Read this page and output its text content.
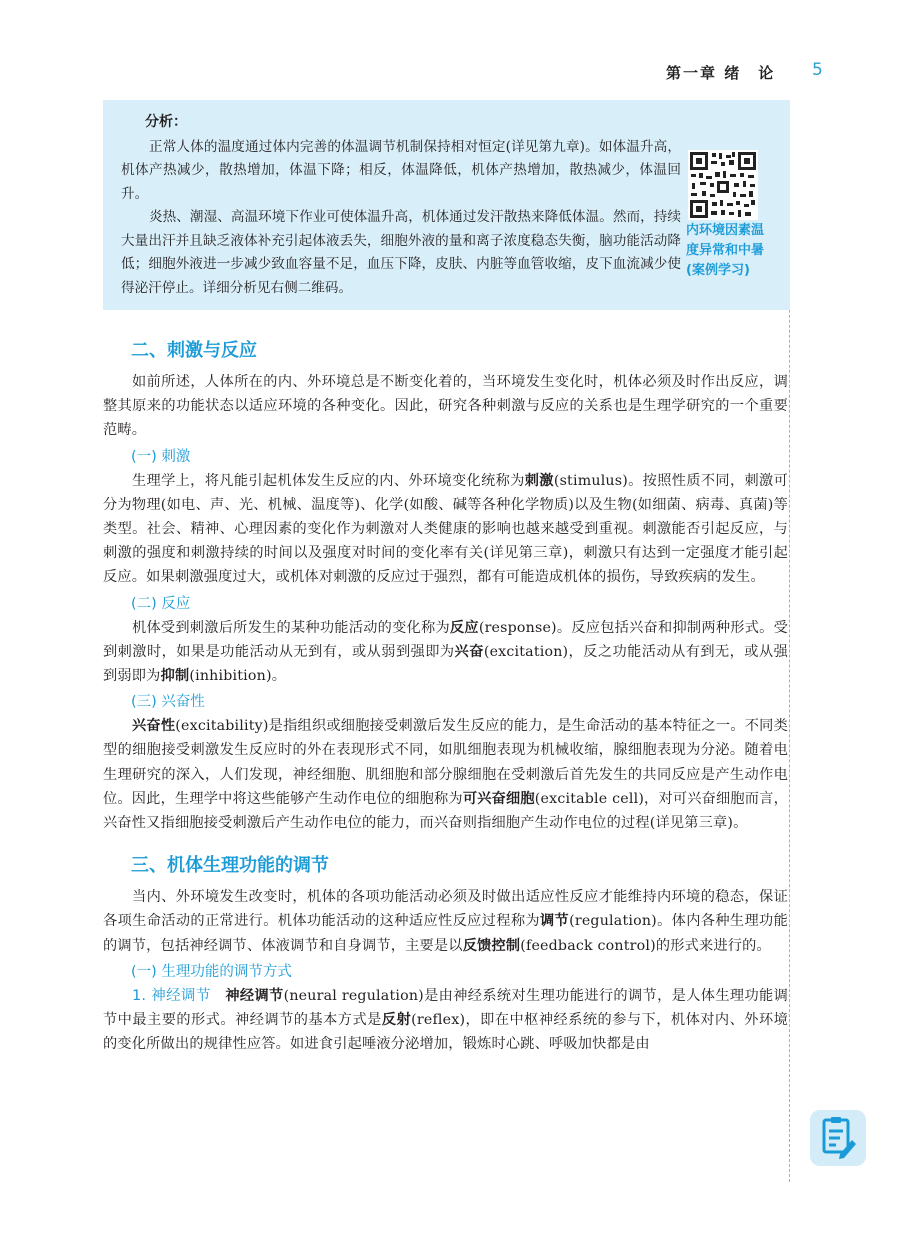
第一章 绪　论 5
分析：

正常人体的温度通过体内完善的体温调节机制保持相对恒定(详见第九章)。如体温升高，机体产热减少，散热增加，体温下降；相反，体温降低，机体产热增加，散热减少，体温回升。

炎热、潮湿、高温环境下作业可使体温升高，机体通过发汗散热来降低体温。然而，持续大量出汗并且缺乏液体补充引起体液丢失，细胞外液的量和离子浓度稳态失衡，脑功能活动降低；细胞外液进一步减少致血容量不足，血压下降，皮肤、内脏等血管收缩，皮下血流减少使得泌汗停止。详细分析见右侧二维码。

内环境因素温度异常和中暑(案例学习)
二、刺激与反应

如前所述，人体所在的内、外环境总是不断变化着的，当环境发生变化时，机体必须及时作出反应，调整其原来的功能状态以适应环境的各种变化。因此，研究各种刺激与反应的关系也是生理学研究的一个重要范畴。

(一) 刺激

生理学上，将凡能引起机体发生反应的内、外环境变化统称为刺激(stimulus)。按照性质不同，刺激可分为物理(如电、声、光、机械、温度等)、化学(如酸、碱等各种化学物质)以及生物(如细菌、病毒、真菌)等类型。社会、精神、心理因素的变化作为刺激对人类健康的影响也越来越受到重视。刺激能否引起反应，与刺激的强度和刺激持续的时间以及强度对时间的变化率有关(详见第三章)，刺激只有达到一定强度才能引起反应。如果刺激强度过大，或机体对刺激的反应过于强烈，都有可能造成机体的损伤，导致疾病的发生。

(二) 反应

机体受到刺激后所发生的某种功能活动的变化称为反应(response)。反应包括兴奋和抑制两种形式。受到刺激时，如果是功能活动从无到有，或从弱到强即为兴奋(excitation)，反之功能活动从有到无，或从强到弱即为抑制(inhibition)。

(三) 兴奋性

兴奋性(excitability)是指组织或细胞接受刺激后发生反应的能力，是生命活动的基本特征之一。不同类型的细胞接受刺激发生反应时的外在表现形式不同，如肌细胞表现为机械收缩，腺细胞表现为分泌。随着电生理研究的深入，人们发现，神经细胞、肌细胞和部分腺细胞在受刺激后首先发生的共同反应是产生动作电位。因此，生理学中将这些能够产生动作电位的细胞称为可兴奋细胞(excitable cell)，对可兴奋细胞而言，兴奋性又指细胞接受刺激后产生动作电位的能力，而兴奋则指细胞产生动作电位的过程(详见第三章)。

三、机体生理功能的调节

当内、外环境发生改变时，机体的各项功能活动必须及时做出适应性反应才能维持内环境的稳态，保证各项生命活动的正常进行。机体功能活动的这种适应性反应过程称为调节(regulation)。体内各种生理功能的调节，包括神经调节、体液调节和自身调节，主要是以反馈控制(feedback control)的形式来进行的。

(一) 生理功能的调节方式

1. 神经调节　 神经调节(neural regulation)是由神经系统对生理功能进行的调节，是人体生理功能调节中最主要的形式。神经调节的基本方式是反射(reflex)，即在中枢神经系统的参与下，机体对内、外环境的变化所做出的规律性应答。如进食引起唾液分泌增加，锻炼时心跳、呼吸加快都是由
